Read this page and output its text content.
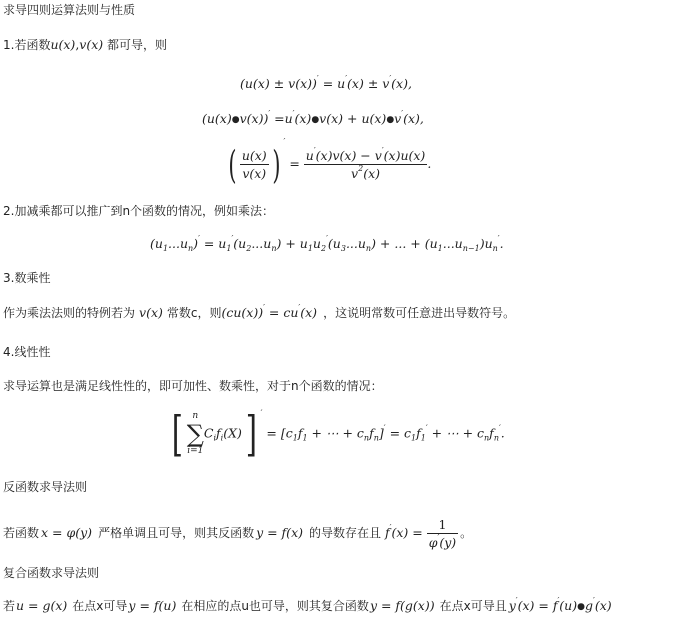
求导四则运算法则与性质
1.若函数u(x),v(x) 都可导，则
(u(x) ± v(x))′ = u′(x) ± v′(x),
(u(x)●v(x))′ =u′(x)●v(x) + u(x)●v′(x),
( $\frac{u(x)}{v(x)} )' = \frac{u'(x)v(x) - v'(x)u(x)}{v^2(x)}$ .
2.加减乘都可以推广到n个函数的情况，例如乘法：
$(u_1...u_n)' = u_1'(u_2...u_n) + u_1u_2'(u_3...u_n)$ + ... + $(u_1...u_{n-1})u_n'$.
3.数乘性
作为乘法法则的特例若为 v(x) 常数c，则(cu(x))′ = cu′(x) ，这说明常数可任意进出导数符号。
4.线性性
求导运算也是满足线性性的，即可加性、数乘性，对于n个函数的情况：
[	n
∑
i=1
$C_if_i(X)$] $' = [c_1f_1$ + ⋯ + $c_nf_n]' = c_1f_1'$ + ⋯ + $c_nf_n'$.
反函数求导法则
若函数 x = φ(y) 严格单调且可导，则其反函数 y = f(x) 的导数存在且 $f'(x) = \frac{1}{\varphi'(y)}$ 。
复合函数求导法则
若u = g(x) 在点x可导y = f(u) 在相应的点u也可导，则其复合函数y = f(g(x)) 在点x可导且 y′(x) = f′(u)●g′(x)
